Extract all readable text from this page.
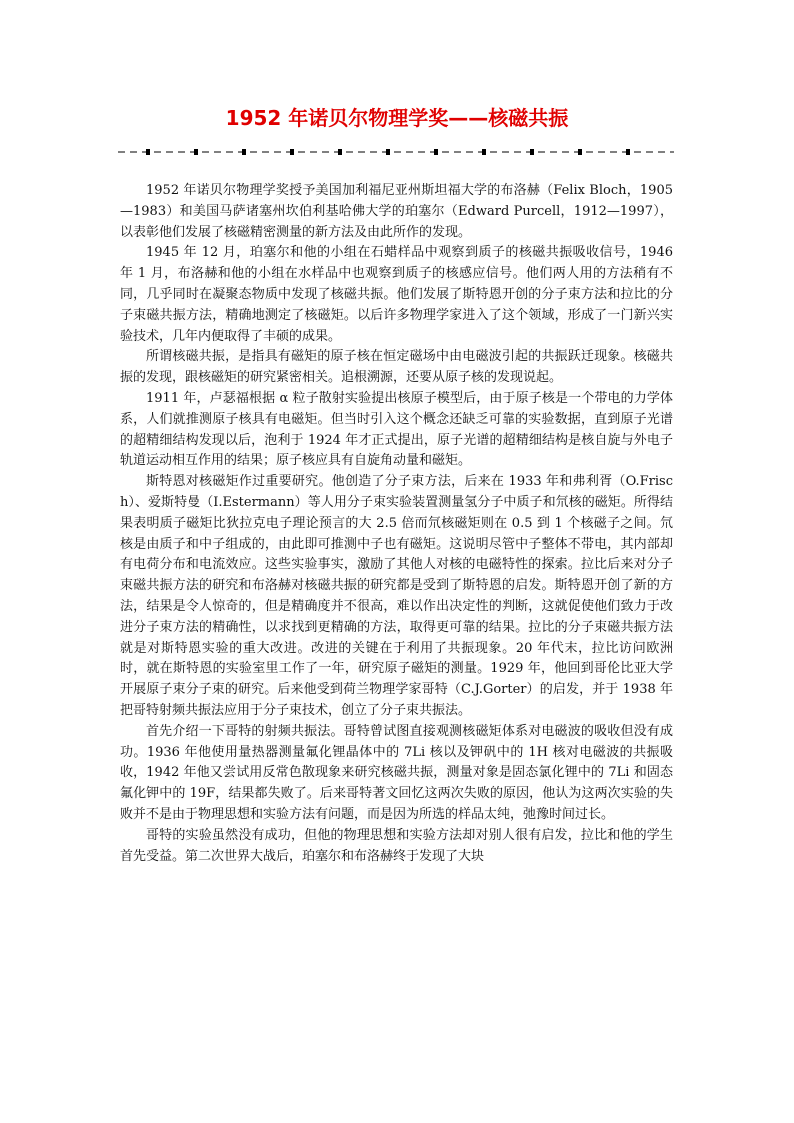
1952 年诺贝尔物理学奖——核磁共振

1952 年诺贝尔物理学奖授予美国加利福尼亚州斯坦福大学的布洛赫（Felix Bloch，1905—1983）和美国马萨诸塞州坎伯利基哈佛大学的珀塞尔（Edward Purcell，1912—1997），以表彰他们发展了核磁精密测量的新方法及由此所作的发现。

1945 年 12 月，珀塞尔和他的小组在石蜡样品中观察到质子的核磁共振吸收信号，1946 年 1 月，布洛赫和他的小组在水样品中也观察到质子的核感应信号。他们两人用的方法稍有不同，几乎同时在凝聚态物质中发现了核磁共振。他们发展了斯特恩开创的分子束方法和拉比的分子束磁共振方法，精确地测定了核磁矩。以后许多物理学家进入了这个领域，形成了一门新兴实验技术，几年内便取得了丰硕的成果。

所谓核磁共振，是指具有磁矩的原子核在恒定磁场中由电磁波引起的共振跃迁现象。核磁共振的发现，跟核磁矩的研究紧密相关。追根溯源，还要从原子核的发现说起。

1911 年，卢瑟福根据 α 粒子散射实验提出核原子模型后，由于原子核是一个带电的力学体系，人们就推测原子核具有电磁矩。但当时引入这个概念还缺乏可靠的实验数据，直到原子光谱的超精细结构发现以后，泡利于 1924 年才正式提出，原子光谱的超精细结构是核自旋与外电子轨道运动相互作用的结果；原子核应具有自旋角动量和磁矩。

斯特恩对核磁矩作过重要研究。他创造了分子束方法，后来在 1933 年和弗利胥（O.Frisch）、爱斯特曼（I.Estermann）等人用分子束实验装置测量氢分子中质子和氘核的磁矩。所得结果表明质子磁矩比狄拉克电子理论预言的大 2.5 倍而氘核磁矩则在 0.5 到 1 个核磁子之间。氘核是由质子和中子组成的，由此即可推测中子也有磁矩。这说明尽管中子整体不带电，其内部却有电荷分布和电流效应。这些实验事实，激励了其他人对核的电磁特性的探索。拉比后来对分子束磁共振方法的研究和布洛赫对核磁共振的研究都是受到了斯特恩的启发。斯特恩开创了新的方法，结果是令人惊奇的，但是精确度并不很高，难以作出决定性的判断，这就促使他们致力于改进分子束方法的精确性，以求找到更精确的方法，取得更可靠的结果。拉比的分子束磁共振方法就是对斯特恩实验的重大改进。改进的关键在于利用了共振现象。20 年代末，拉比访问欧洲时，就在斯特恩的实验室里工作了一年，研究原子磁矩的测量。1929 年，他回到哥伦比亚大学开展原子束分子束的研究。后来他受到荷兰物理学家哥特（C.J.Gorter）的启发，并于 1938 年把哥特射频共振法应用于分子束技术，创立了分子束共振法。

首先介绍一下哥特的射频共振法。哥特曾试图直接观测核磁矩体系对电磁波的吸收但没有成功。1936 年他使用量热器测量氟化锂晶体中的 7Li 核以及钾矾中的 1H 核对电磁波的共振吸收，1942 年他又尝试用反常色散现象来研究核磁共振，测量对象是固态氯化锂中的 7Li 和固态氟化钾中的 19F，结果都失败了。后来哥特著文回忆这两次失败的原因，他认为这两次实验的失败并不是由于物理思想和实验方法有问题，而是因为所选的样品太纯，弛豫时间过长。

哥特的实验虽然没有成功，但他的物理思想和实验方法却对别人很有启发，拉比和他的学生首先受益。第二次世界大战后，珀塞尔和布洛赫终于发现了大块
